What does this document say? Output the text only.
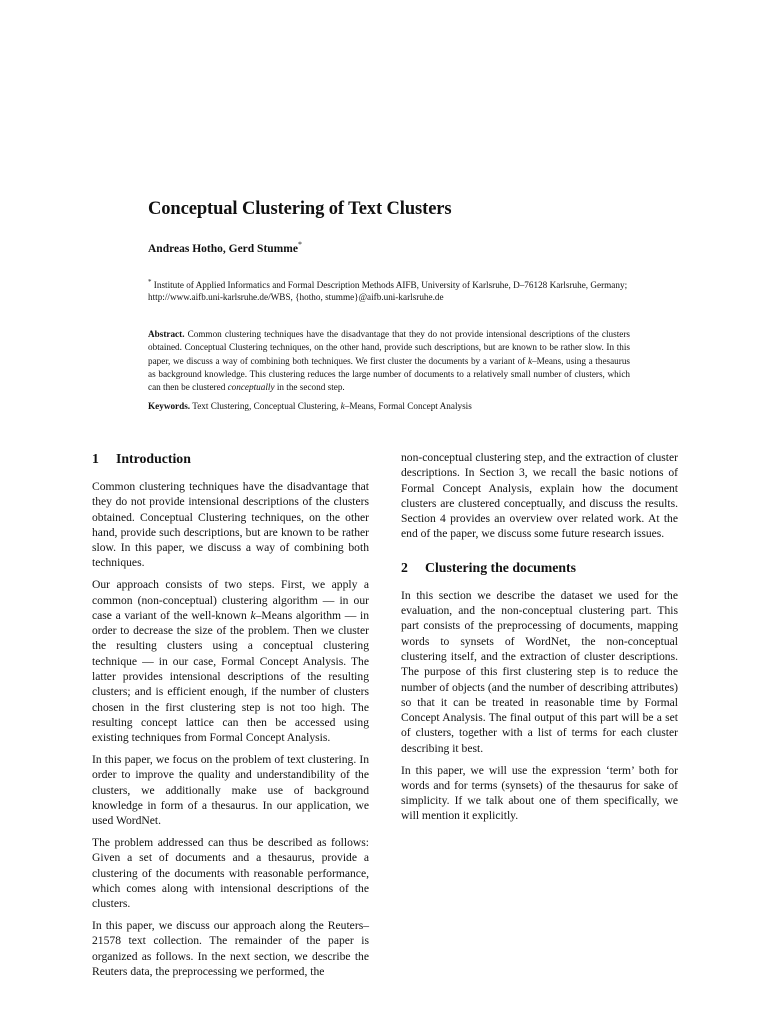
Conceptual Clustering of Text Clusters
Andreas Hotho, Gerd Stumme*

* Institute of Applied Informatics and Formal Description Methods AIFB, University of Karlsruhe, D–76128 Karlsruhe, Germany; http://www.aifb.uni-karlsruhe.de/WBS, {hotho, stumme}@aifb.uni-karlsruhe.de

Abstract. Common clustering techniques have the disadvantage that they do not provide intensional descriptions of the clusters obtained. Conceptual Clustering techniques, on the other hand, provide such descriptions, but are known to be rather slow. In this paper, we discuss a way of combining both techniques. We first cluster the documents by a variant of k–Means, using a thesaurus as background knowledge. This clustering reduces the large number of documents to a relatively small number of clusters, which can then be clustered conceptually in the second step.

Keywords. Text Clustering, Conceptual Clustering, k–Means, Formal Concept Analysis

1 Introduction

Common clustering techniques have the disadvantage that they do not provide intensional descriptions of the clusters obtained. Conceptual Clustering techniques, on the other hand, provide such descriptions, but are known to be rather slow. In this paper, we discuss a way of combining both techniques.

Our approach consists of two steps. First, we apply a common (non-conceptual) clustering algorithm — in our case a variant of the well-known k–Means algorithm — in order to decrease the size of the problem. Then we cluster the resulting clusters using a conceptual clustering technique — in our case, Formal Concept Analysis. The latter provides intensional descriptions of the resulting clusters; and is efficient enough, if the number of clusters chosen in the first clustering step is not too high. The resulting concept lattice can then be accessed using existing techniques from Formal Concept Analysis.

In this paper, we focus on the problem of text clustering. In order to improve the quality and understandibility of the clusters, we additionally make use of background knowledge in form of a thesaurus. In our application, we used WordNet.

The problem addressed can thus be described as follows: Given a set of documents and a thesaurus, provide a clustering of the documents with reasonable performance, which comes along with intensional descriptions of the clusters.

In this paper, we discuss our approach along the Reuters–21578 text collection. The remainder of the paper is organized as follows. In the next section, we describe the Reuters data, the preprocessing we performed, the

non-conceptual clustering step, and the extraction of cluster descriptions. In Section 3, we recall the basic notions of Formal Concept Analysis, explain how the document clusters are clustered conceptually, and discuss the results. Section 4 provides an overview over related work. At the end of the paper, we discuss some future research issues.

2 Clustering the documents

In this section we describe the dataset we used for the evaluation, and the non-conceptual clustering part. This part consists of the preprocessing of documents, mapping words to synsets of WordNet, the non-conceptual clustering itself, and the extraction of cluster descriptions. The purpose of this first clustering step is to reduce the number of objects (and the number of describing attributes) so that it can be treated in reasonable time by Formal Concept Analysis. The final output of this part will be a set of clusters, together with a list of terms for each cluster describing it best.

In this paper, we will use the expression ‘term’ both for words and for terms (synsets) of the thesaurus for sake of simplicity. If we talk about one of them specifically, we will mention it explicitly.
